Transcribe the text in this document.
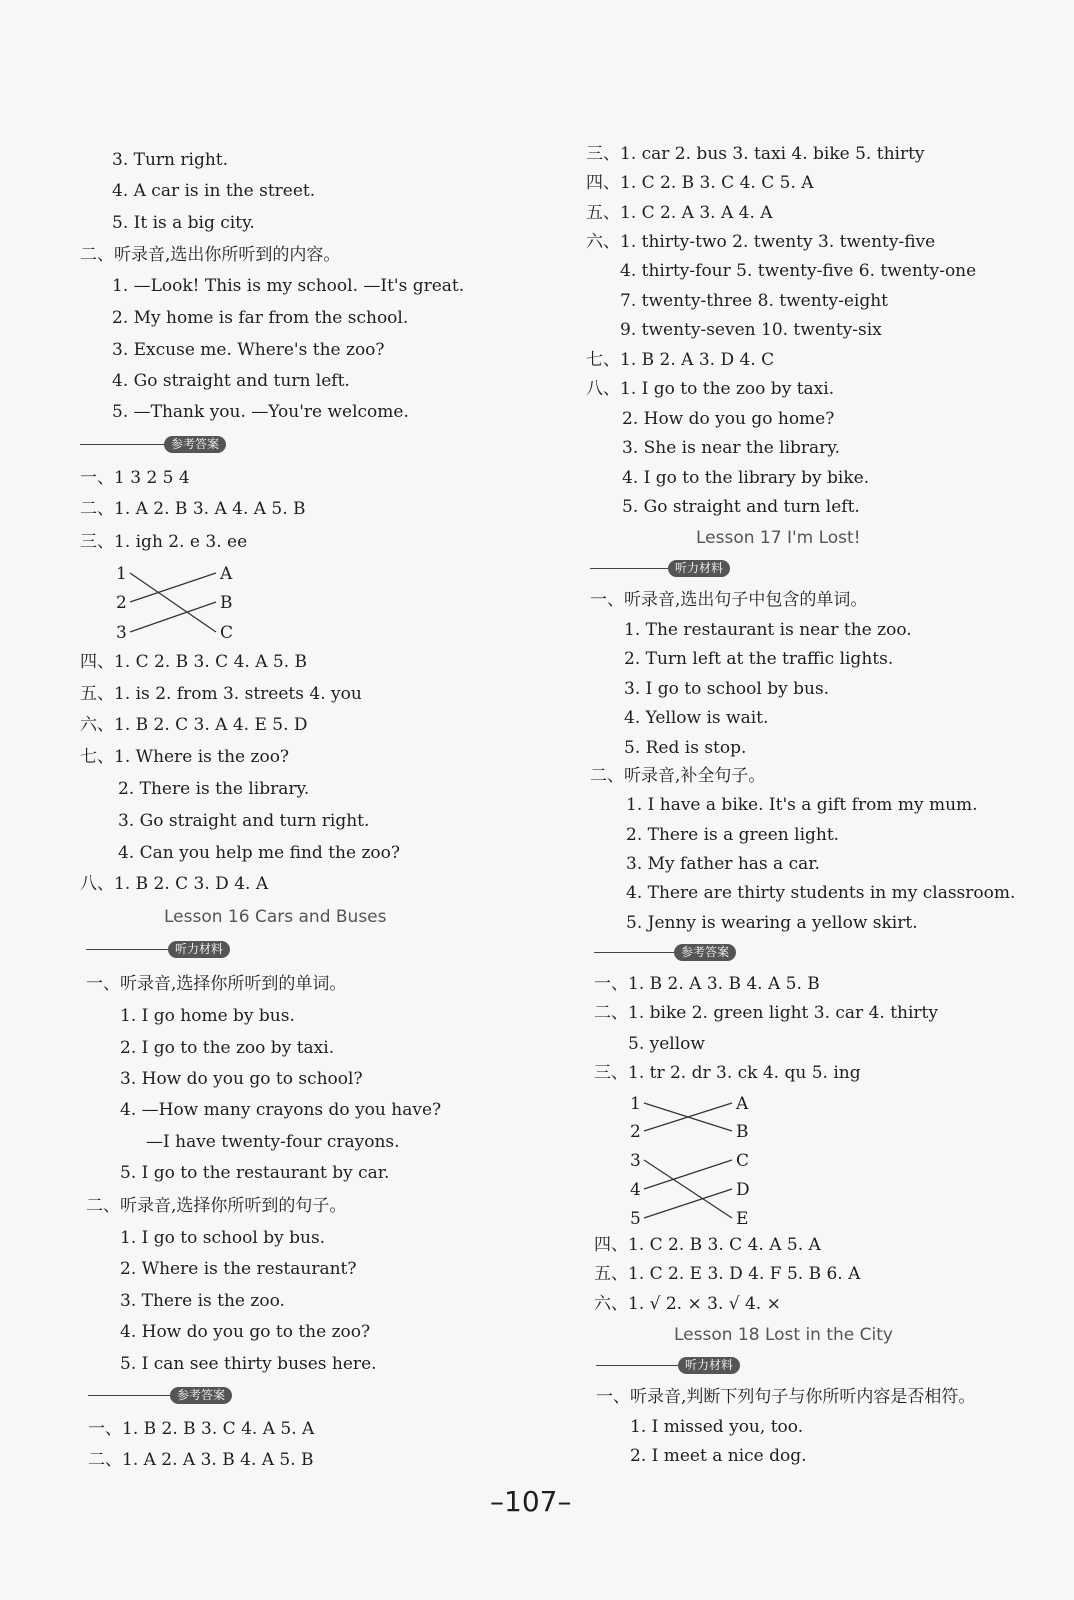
3. Turn right.
4. A car is in the street.
5. It is a big city.
二、听录音,选出你所听到的内容。
1. —Look! This is my school. —It's great.
2. My home is far from the school.
3. Excuse me. Where's the zoo?
4. Go straight and turn left.
5. —Thank you. —You're welcome.
参考答案
一、1 3 2 5 4
二、1. A 2. B 3. A 4. A 5. B
三、1. igh 2. e 3. ee
1
2
3
A
B
C
四、1. C 2. B 3. C 4. A 5. B
五、1. is 2. from 3. streets 4. you
六、1. B 2. C 3. A 4. E 5. D
七、1. Where is the zoo?
2. There is the library.
3. Go straight and turn right.
4. Can you help me find the zoo?
八、1. B 2. C 3. D 4. A
Lesson 16 Cars and Buses
听力材料
一、听录音,选择你所听到的单词。
1. I go home by bus.
2. I go to the zoo by taxi.
3. How do you go to school?
4. —How many crayons do you have?
—I have twenty-four crayons.
5. I go to the restaurant by car.
二、听录音,选择你所听到的句子。
1. I go to school by bus.
2. Where is the restaurant?
3. There is the zoo.
4. How do you go to the zoo?
5. I can see thirty buses here.
参考答案
一、1. B 2. B 3. C 4. A 5. A
二、1. A 2. A 3. B 4. A 5. B
三、1. car 2. bus 3. taxi 4. bike 5. thirty
四、1. C 2. B 3. C 4. C 5. A
五、1. C 2. A 3. A 4. A
六、1. thirty-two 2. twenty 3. twenty-five
4. thirty-four 5. twenty-five 6. twenty-one
7. twenty-three 8. twenty-eight
9. twenty-seven 10. twenty-six
七、1. B 2. A 3. D 4. C
八、1. I go to the zoo by taxi.
2. How do you go home?
3. She is near the library.
4. I go to the library by bike.
5. Go straight and turn left.
Lesson 17 I'm Lost!
听力材料
一、听录音,选出句子中包含的单词。
1. The restaurant is near the zoo.
2. Turn left at the traffic lights.
3. I go to school by bus.
4. Yellow is wait.
5. Red is stop.
二、听录音,补全句子。
1. I have a bike. It's a gift from my mum.
2. There is a green light.
3. My father has a car.
4. There are thirty students in my classroom.
5. Jenny is wearing a yellow skirt.
参考答案
一、1. B 2. A 3. B 4. A 5. B
二、1. bike 2. green light 3. car 4. thirty
5. yellow
三、1. tr 2. dr 3. ck 4. qu 5. ing
1
2
3
4
5
A
B
C
D
E
四、1. C 2. B 3. C 4. A 5. A
五、1. C 2. E 3. D 4. F 5. B 6. A
六、1. √ 2. × 3. √ 4. ×
Lesson 18 Lost in the City
听力材料
一、听录音,判断下列句子与你所听内容是否相符。
1. I missed you, too.
2. I meet a nice dog.
–107–
